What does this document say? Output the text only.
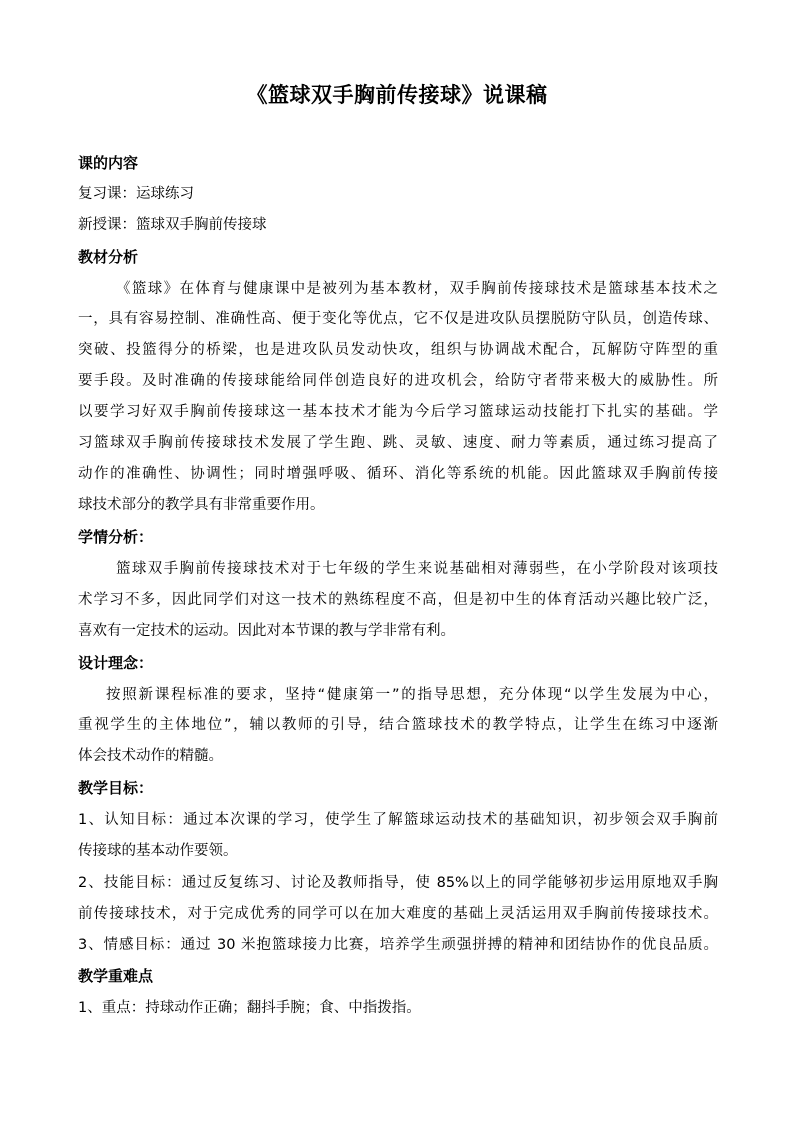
《篮球双手胸前传接球》说课稿
课的内容
复习课：运球练习
新授课：篮球双手胸前传接球
教材分析
《篮球》在体育与健康课中是被列为基本教材，双手胸前传接球技术是篮球基本技术之
一，具有容易控制、准确性高、便于变化等优点，它不仅是进攻队员摆脱防守队员，创造传球、
突破、投篮得分的桥梁，也是进攻队员发动快攻，组织与协调战术配合，瓦解防守阵型的重
要手段。及时准确的传接球能给同伴创造良好的进攻机会，给防守者带来极大的威胁性。所
以要学习好双手胸前传接球这一基本技术才能为今后学习篮球运动技能打下扎实的基础。学
习篮球双手胸前传接球技术发展了学生跑、跳、灵敏、速度、耐力等素质，通过练习提高了
动作的准确性、协调性；同时增强呼吸、循环、消化等系统的机能。因此篮球双手胸前传接
球技术部分的教学具有非常重要作用。
学情分析：
篮球双手胸前传接球技术对于七年级的学生来说基础相对薄弱些，在小学阶段对该项技
术学习不多，因此同学们对这一技术的熟练程度不高，但是初中生的体育活动兴趣比较广泛，
喜欢有一定技术的运动。因此对本节课的教与学非常有利。
设计理念：
按照新课程标准的要求，坚持“健康第一”的指导思想，充分体现“以学生发展为中心，
重视学生的主体地位”，辅以教师的引导，结合篮球技术的教学特点，让学生在练习中逐渐
体会技术动作的精髓。
教学目标：
1、认知目标：通过本次课的学习，使学生了解篮球运动技术的基础知识，初步领会双手胸前
传接球的基本动作要领。
2、技能目标：通过反复练习、讨论及教师指导，使 85%以上的同学能够初步运用原地双手胸
前传接球技术，对于完成优秀的同学可以在加大难度的基础上灵活运用双手胸前传接球技术。
3、情感目标：通过 30 米抱篮球接力比赛，培养学生顽强拼搏的精神和团结协作的优良品质。
教学重难点
1、重点：持球动作正确；翻抖手腕；食、中指拨指。
